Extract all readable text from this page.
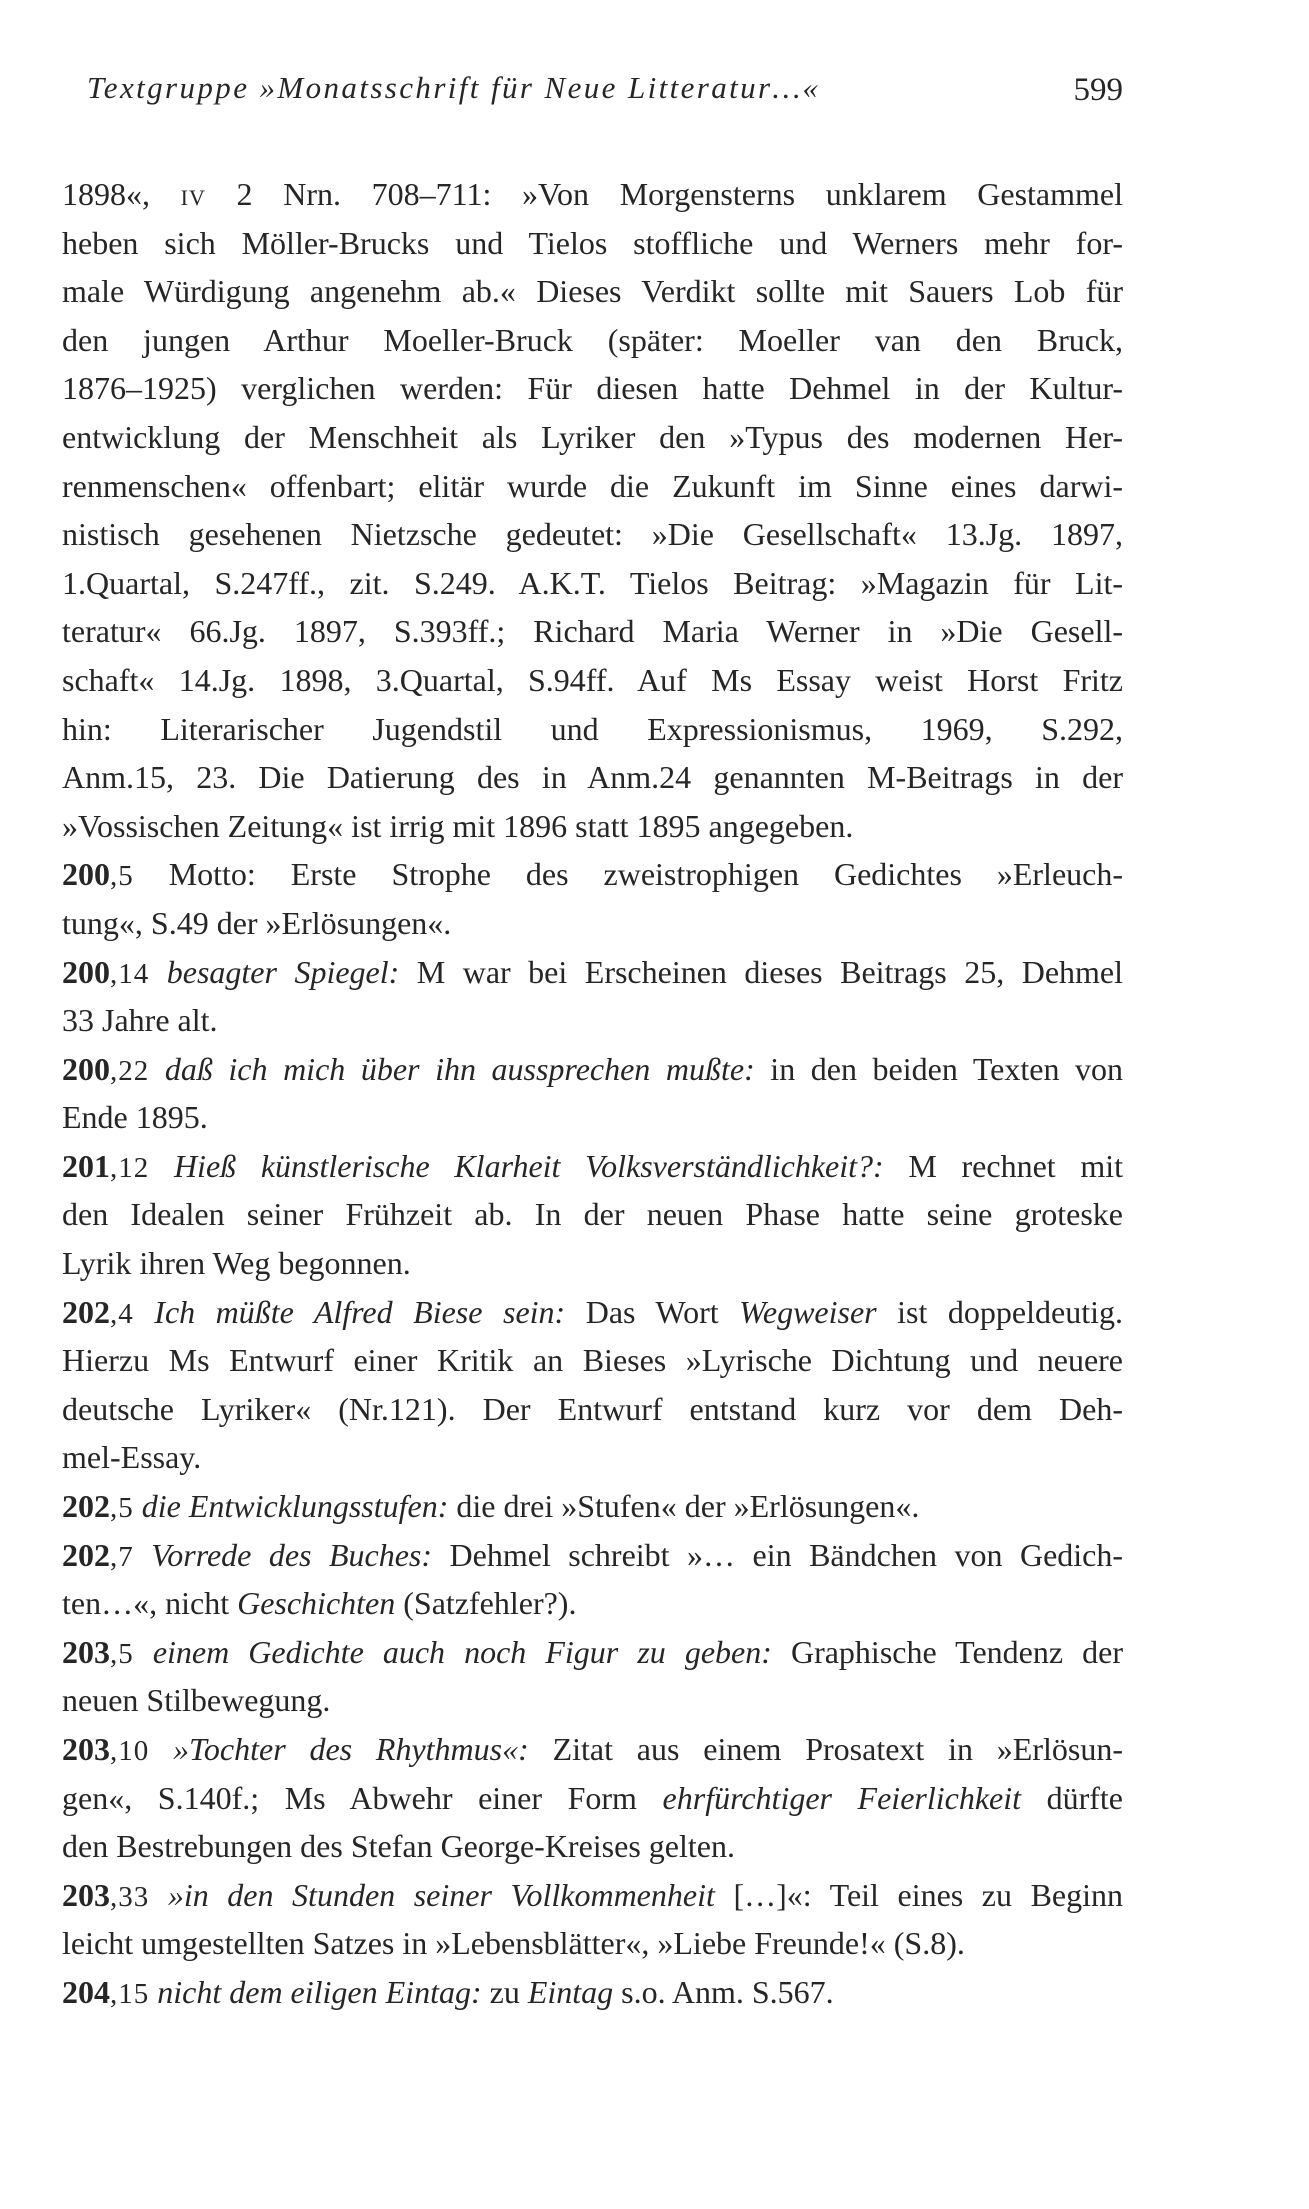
Textgruppe »Monatsschrift für Neue Litteratur…«	599
1898«, IV 2 Nrn. 708–711: »Von Morgensterns unklarem Gestammel
heben sich Möller-Brucks und Tielos stoffliche und Werners mehr for-
male Würdigung angenehm ab.« Dieses Verdikt sollte mit Sauers Lob für
den jungen Arthur Moeller-Bruck (später: Moeller van den Bruck,
1876–1925) verglichen werden: Für diesen hatte Dehmel in der Kultur-
entwicklung der Menschheit als Lyriker den »Typus des modernen Her-
renmenschen« offenbart; elitär wurde die Zukunft im Sinne eines darwi-
nistisch gesehenen Nietzsche gedeutet: »Die Gesellschaft« 13.Jg. 1897,
1.Quartal, S.247ff., zit. S.249. A.K.T. Tielos Beitrag: »Magazin für Lit-
teratur« 66.Jg. 1897, S.393ff.; Richard Maria Werner in »Die Gesell-
schaft« 14.Jg. 1898, 3.Quartal, S.94ff. Auf Ms Essay weist Horst Fritz
hin: Literarischer Jugendstil und Expressionismus, 1969, S.292,
Anm.15, 23. Die Datierung des in Anm.24 genannten M-Beitrags in der
»Vossischen Zeitung« ist irrig mit 1896 statt 1895 angegeben.
200,5 Motto: Erste Strophe des zweistrophigen Gedichtes »Erleuch-
tung«, S.49 der »Erlösungen«.
200,14 besagter Spiegel: M war bei Erscheinen dieses Beitrags 25, Dehmel
33 Jahre alt.
200,22 daß ich mich über ihn aussprechen mußte: in den beiden Texten von
Ende 1895.
201,12 Hieß künstlerische Klarheit Volksverständlichkeit?: M rechnet mit
den Idealen seiner Frühzeit ab. In der neuen Phase hatte seine groteske
Lyrik ihren Weg begonnen.
202,4 Ich müßte Alfred Biese sein: Das Wort Wegweiser ist doppeldeutig.
Hierzu Ms Entwurf einer Kritik an Bieses »Lyrische Dichtung und neuere
deutsche Lyriker« (Nr.121). Der Entwurf entstand kurz vor dem Deh-
mel-Essay.
202,5 die Entwicklungsstufen: die drei »Stufen« der »Erlösungen«.
202,7 Vorrede des Buches: Dehmel schreibt »… ein Bändchen von Gedich-
ten…«, nicht Geschichten (Satzfehler?).
203,5 einem Gedichte auch noch Figur zu geben: Graphische Tendenz der
neuen Stilbewegung.
203,10 »Tochter des Rhythmus«: Zitat aus einem Prosatext in »Erlösun-
gen«, S.140f.; Ms Abwehr einer Form ehrfürchtiger Feierlichkeit dürfte
den Bestrebungen des Stefan George-Kreises gelten.
203,33 »in den Stunden seiner Vollkommenheit […]«: Teil eines zu Beginn
leicht umgestellten Satzes in »Lebensblätter«, »Liebe Freunde!« (S.8).
204,15 nicht dem eiligen Eintag: zu Eintag s.o. Anm. S.567.
